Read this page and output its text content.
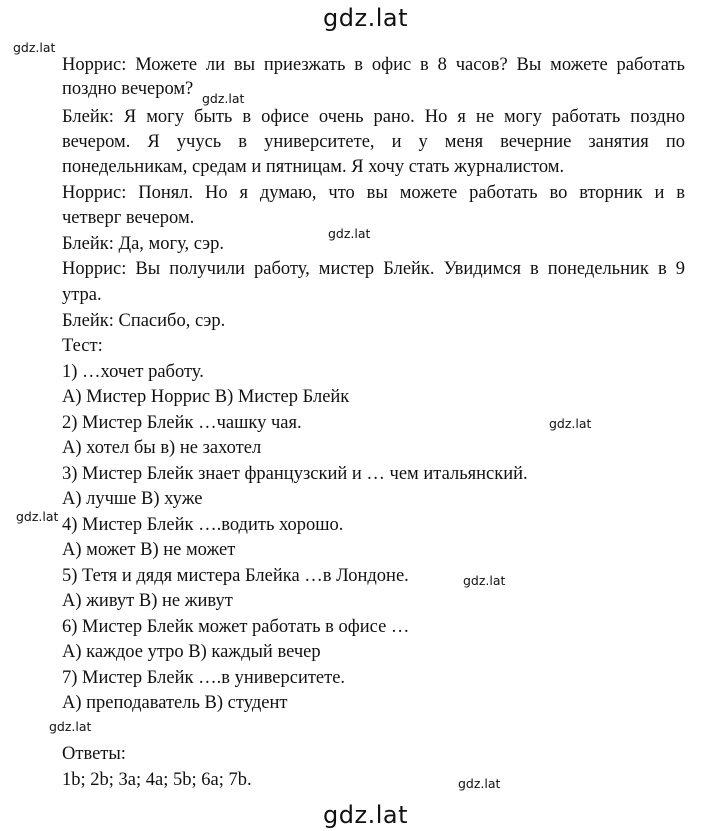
gdz.lat
gdz.lat
gdz.lat
gdz.lat
gdz.lat
gdz.lat
gdz.lat
gdz.lat
gdz.lat
gdz.lat
Норрис: Можете ли вы приезжать в офис в 8 часов? Вы можете работать
поздно вечером?
Блейк: Я могу быть в офисе очень рано. Но я не могу работать поздно
вечером. Я учусь в университете, и у меня вечерние занятия по
понедельникам, средам и пятницам. Я хочу стать журналистом.
Норрис: Понял. Но я думаю, что вы можете работать во вторник и в
четверг вечером.
Блейк: Да, могу, сэр.
Норрис: Вы получили работу, мистер Блейк. Увидимся в понедельник в 9
утра.
Блейк: Спасибо, сэр.
Тест:
1) …хочет работу.
A) Мистер Норрис B) Мистер Блейк
2) Мистер Блейк …чашку чая.
A) хотел бы в) не захотел
3) Мистер Блейк знает французский и … чем итальянский.
A) лучше B) хуже
4) Мистер Блейк ….водить хорошо.
A) может B) не может
5) Тетя и дядя мистера Блейка …в Лондоне.
A) живут B) не живут
6) Мистер Блейк может работать в офисе …
A) каждое утро B) каждый вечер
7) Мистер Блейк ….в университете.
A) преподаватель B) студент
Ответы:
1b; 2b; 3a; 4a; 5b; 6a; 7b.
